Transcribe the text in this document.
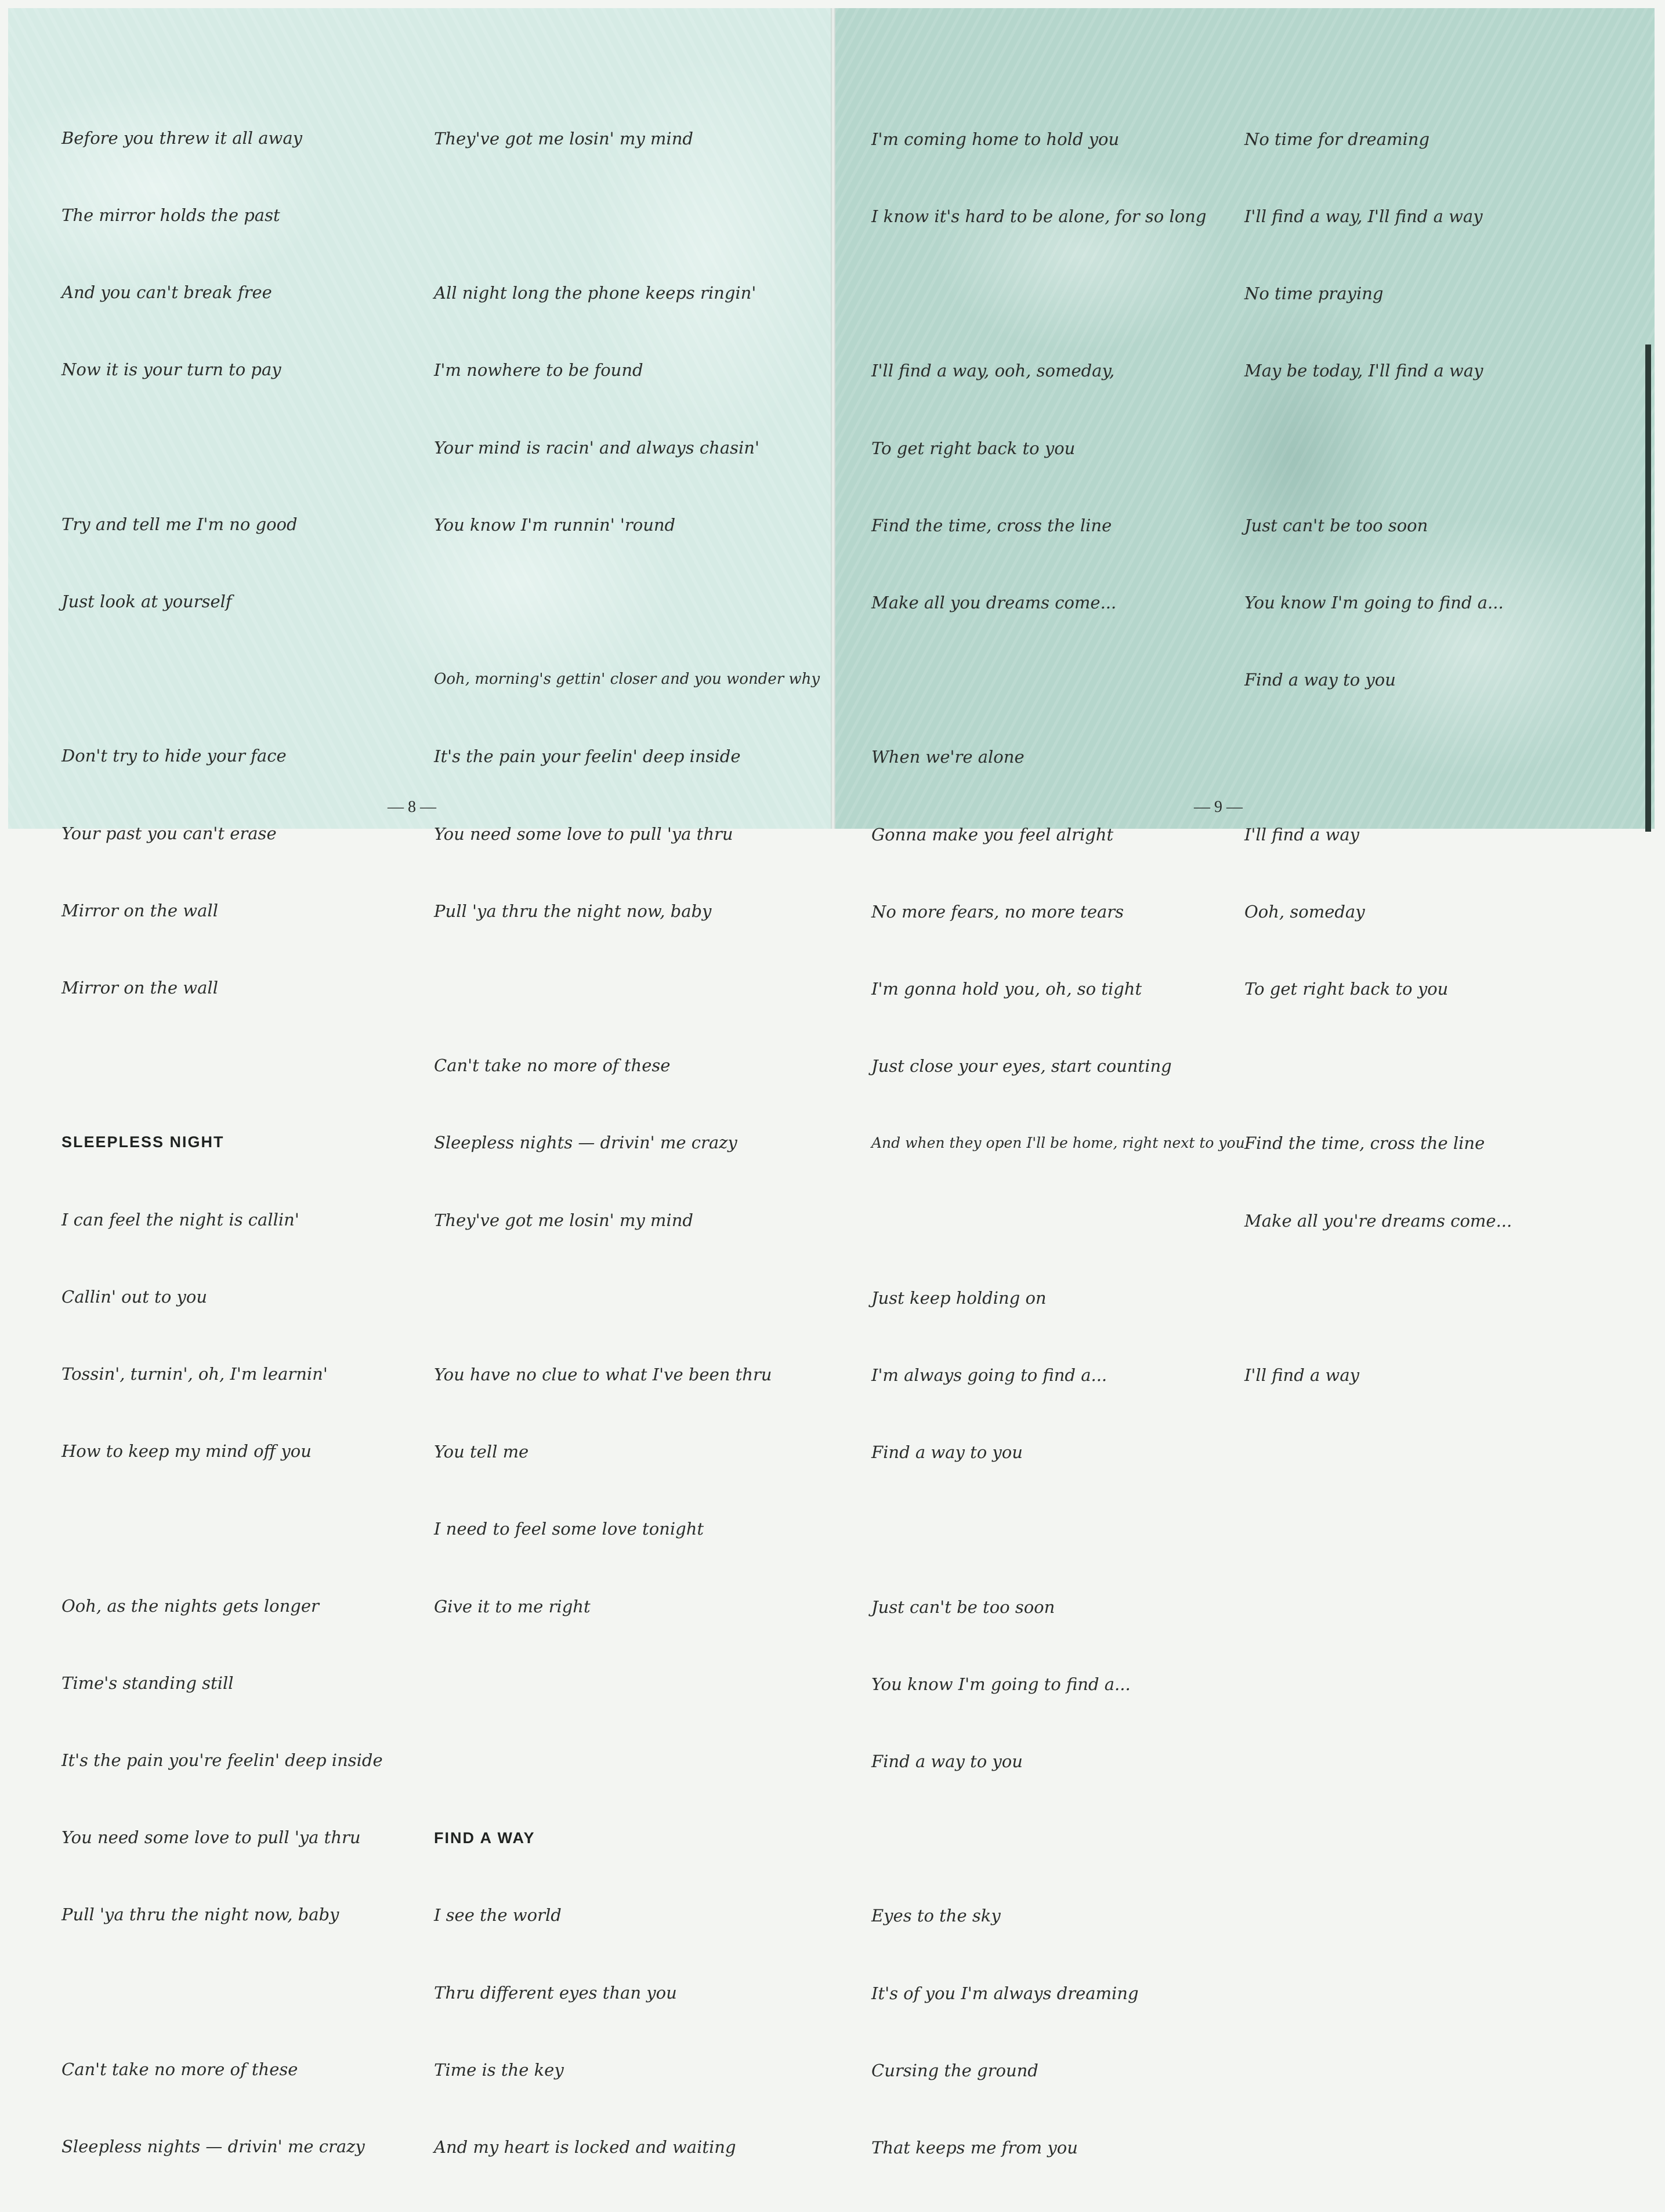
Before you threw it all away

The mirror holds the past

And you can't break free

Now it is your turn to pay

Try and tell me I'm no good

Just look at yourself

Don't try to hide your face

Your past you can't erase

Mirror on the wall

Mirror on the wall

SLEEPLESS NIGHT

I can feel the night is callin'

Callin' out to you

Tossin', turnin', oh, I'm learnin'

How to keep my mind off you

Ooh, as the nights gets longer

Time's standing still

It's the pain you're feelin' deep inside

You need some love to pull 'ya thru

Pull 'ya thru the night now, baby

Can't take no more of these

Sleepless nights — drivin' me crazy

They've got me losin' my mind

All night long the phone keeps ringin'

I'm nowhere to be found

Your mind is racin' and always chasin'

You know I'm runnin' 'round

Ooh, morning's gettin' closer and you wonder why

It's the pain your feelin' deep inside

You need some love to pull 'ya thru

Pull 'ya thru the night now, baby

Can't take no more of these

Sleepless nights — drivin' me crazy

They've got me losin' my mind

You have no clue to what I've been thru

You tell me

I need to feel some love tonight

Give it to me right

FIND A WAY

I see the world

Thru different eyes than you

Time is the key

And my heart is locked and waiting

— 8 —

I'm coming home to hold you

I know it's hard to be alone, for so long

I'll find a way, ooh, someday,

To get right back to you

Find the time, cross the line

Make all you dreams come...

When we're alone

Gonna make you feel alright

No more fears, no more tears

I'm gonna hold you, oh, so tight

Just close your eyes, start counting

And when they open I'll be home, right next to you

Just keep holding on

I'm always going to find a...

Find a way to you

Just can't be too soon

You know I'm going to find a...

Find a way to you

Eyes to the sky

It's of you I'm always dreaming

Cursing the ground

That keeps me from you

No time for dreaming

I'll find a way, I'll find a way

No time praying

May be today, I'll find a way

Just can't be too soon

You know I'm going to find a...

Find a way to you

I'll find a way

Ooh, someday

To get right back to you

Find the time, cross the line

Make all you're dreams come...

I'll find a way

— 9 —
